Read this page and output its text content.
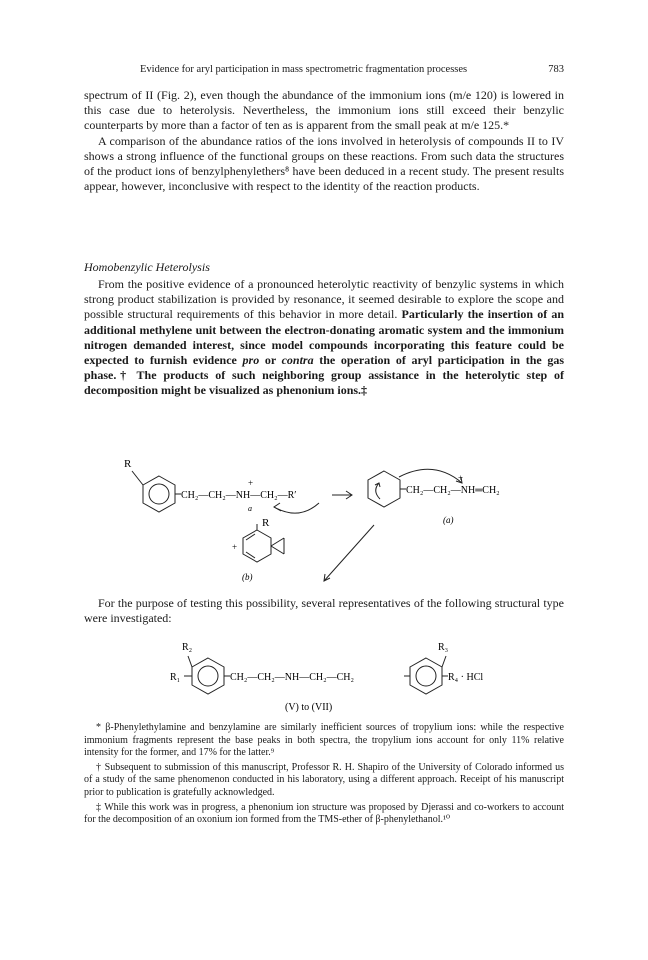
Evidence for aryl participation in mass spectrometric fragmentation processes	783

spectrum of II (Fig. 2), even though the abundance of the immonium ions (m/e 120) is lowered in this case due to heterolysis. Nevertheless, the immonium ions still exceed their benzylic counterparts by more than a factor of ten as is apparent from the small peak at m/e 125.*

A comparison of the abundance ratios of the ions involved in heterolysis of compounds II to IV shows a strong influence of the functional groups on these reactions. From such data the structures of the product ions of benzylphenylethers⁸ have been deduced in a recent study. The present results appear, however, inconclusive with respect to the identity of the reaction products.

Homobenzylic Heterolysis

From the positive evidence of a pronounced heterolytic reactivity of benzylic systems in which strong product stabilization is provided by resonance, it seemed desirable to explore the scope and possible structural requirements of this behavior in more detail. Particularly the insertion of an additional methylene unit between the electron-donating aromatic system and the immonium nitrogen demanded interest, since model compounds incorporating this feature could be expected to furnish evidence pro or contra the operation of aryl participation in the gas phase.† The products of such neighboring group assistance in the heterolytic step of decomposition might be visualized as phenonium ions.‡

R
CH₂—CH₂—NH—CH₂—R′
+
a
CH₂—CH₂—NH═CH₂
+
(a)
R
+
(b)

For the purpose of testing this possibility, several representatives of the following structural type were investigated:

R₂	R₃
R₁	CH₂—CH₂—NH—CH₂—CH₂	R₄ · HCl
(V) to (VII)

* β-Phenylethylamine and benzylamine are similarly inefficient sources of tropylium ions: while the respective immonium fragments represent the base peaks in both spectra, the tropylium ions account for only 11% relative intensity for the former, and 17% for the latter.⁹

† Subsequent to submission of this manuscript, Professor R. H. Shapiro of the University of Colorado informed us of a study of the same phenomenon conducted in his laboratory, using a different approach. Receipt of his manuscript prior to publication is gratefully acknowledged.

‡ While this work was in progress, a phenonium ion structure was proposed by Djerassi and co-workers to account for the decomposition of an oxonium ion formed from the TMS-ether of β-phenylethanol.¹⁰
